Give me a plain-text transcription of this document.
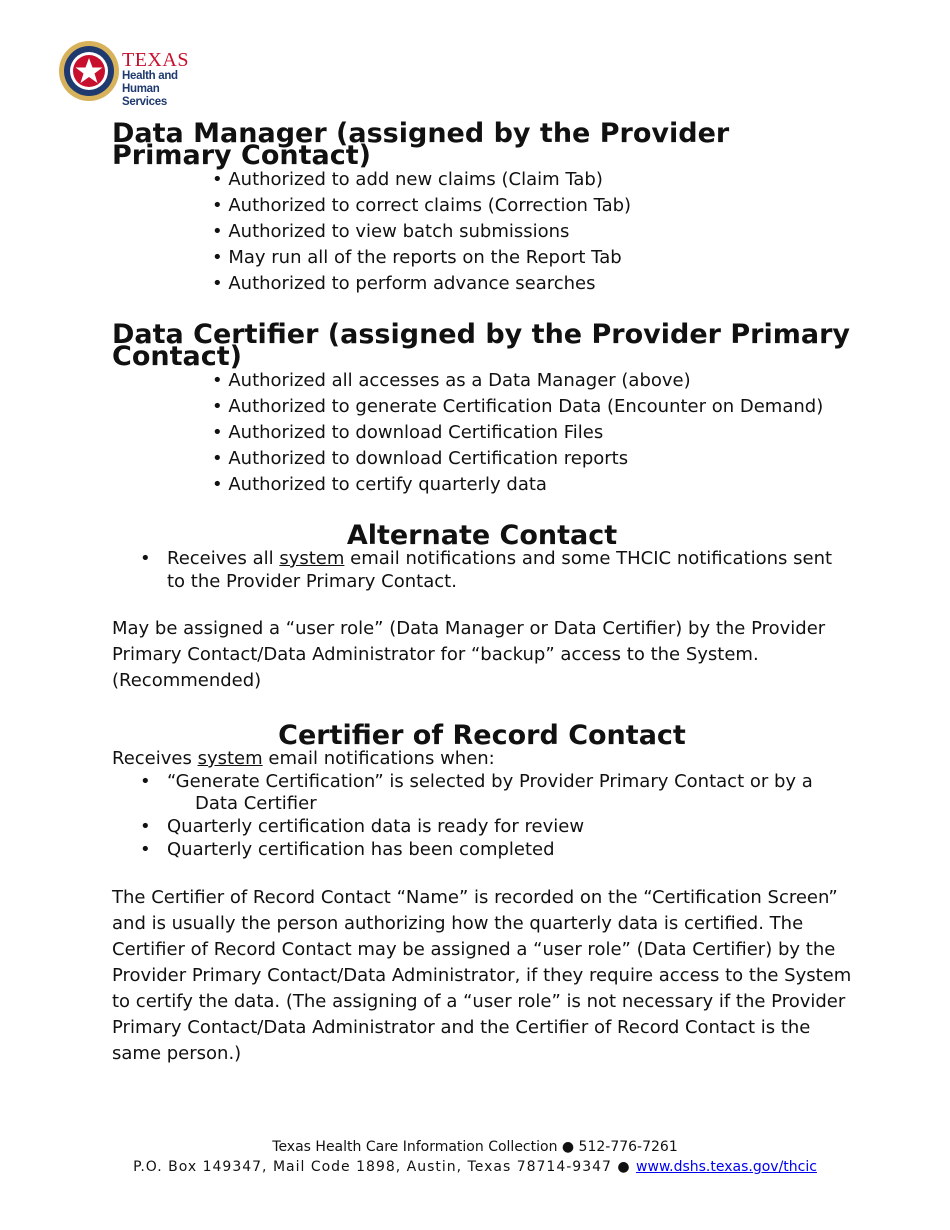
TEXAS
Health and Human
Services
Data Manager (assigned by the Provider Primary Contact)
• Authorized to add new claims (Claim Tab)
• Authorized to correct claims (Correction Tab)
• Authorized to view batch submissions
• May run all of the reports on the Report Tab
• Authorized to perform advance searches
Data Certifier (assigned by the Provider Primary Contact)
• Authorized all accesses as a Data Manager (above)
• Authorized to generate Certification Data (Encounter on Demand)
• Authorized to download Certification Files
• Authorized to download Certification reports
• Authorized to certify quarterly data
Alternate Contact
• Receives all system email notifications and some THCIC notifications sent to the Provider Primary Contact.

May be assigned a “user role” (Data Manager or Data Certifier) by the Provider Primary Contact/Data Administrator for “backup” access to the System. (Recommended)

Certifier of Record Contact

Receives system email notifications when:

• “Generate Certification” is selected by Provider Primary Contact or by a
Data Certifier
• Quarterly certification data is ready for review
• Quarterly certification has been completed

The Certifier of Record Contact “Name” is recorded on the “Certification Screen” and is usually the person authorizing how the quarterly data is certified. The Certifier of Record Contact may be assigned a “user role” (Data Certifier) by the Provider Primary Contact/Data Administrator, if they require access to the System to certify the data. (The assigning of a “user role” is not necessary if the Provider Primary Contact/Data Administrator and the Certifier of Record Contact is the same person.)

Texas Health Care Information Collection ● 512-776-7261
P.O. Box 149347, Mail Code 1898, Austin, Texas 78714-9347 ● www.dshs.texas.gov/thcic
